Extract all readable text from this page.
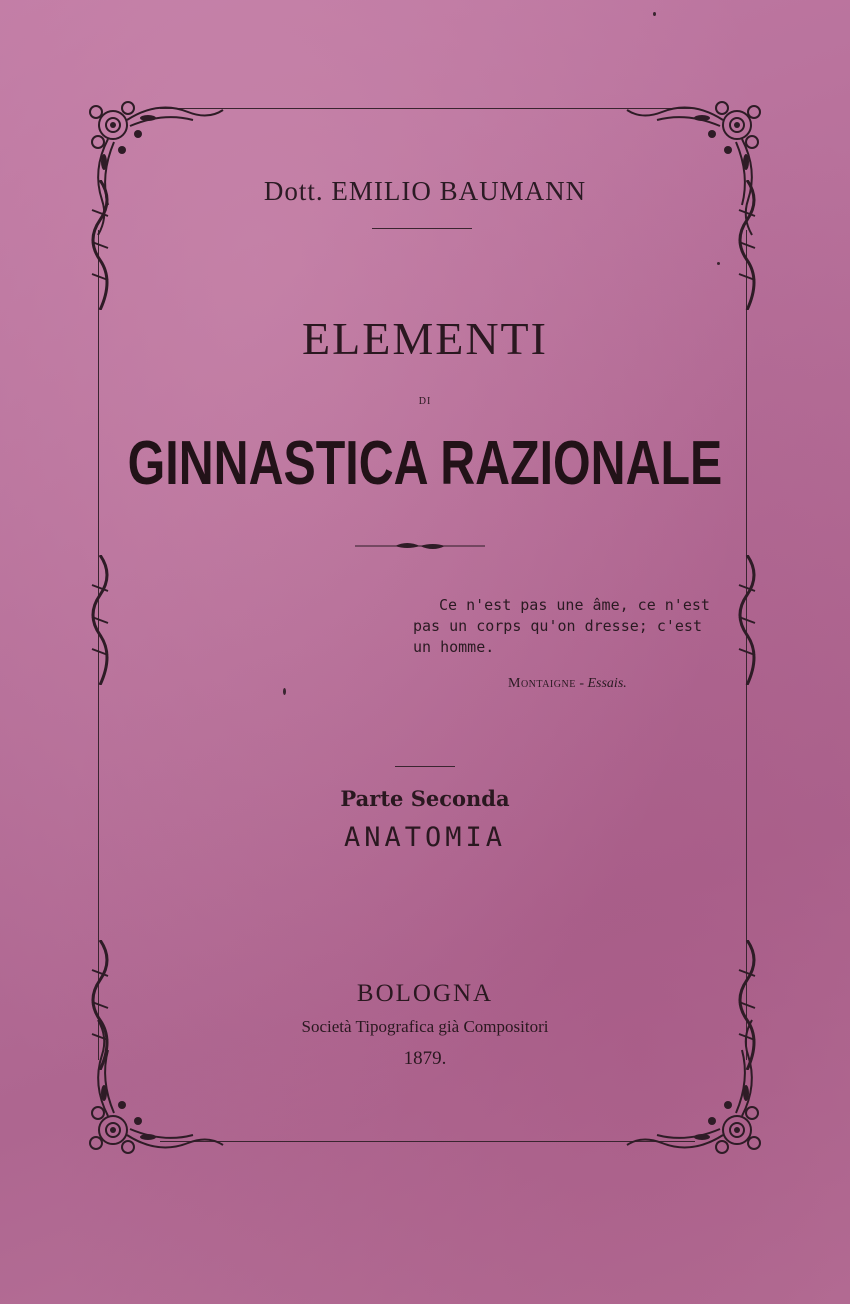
Dott. EMILIO BAUMANN
ELEMENTI
DI
GINNASTICA RAZIONALE
Ce n'est pas une âme, ce n'est
pas un corps qu'on dresse; c'est
un homme.
Montaigne - Essais.
Parte Seconda
ANATOMIA
BOLOGNA
Società Tipografica già Compositori
1879.
